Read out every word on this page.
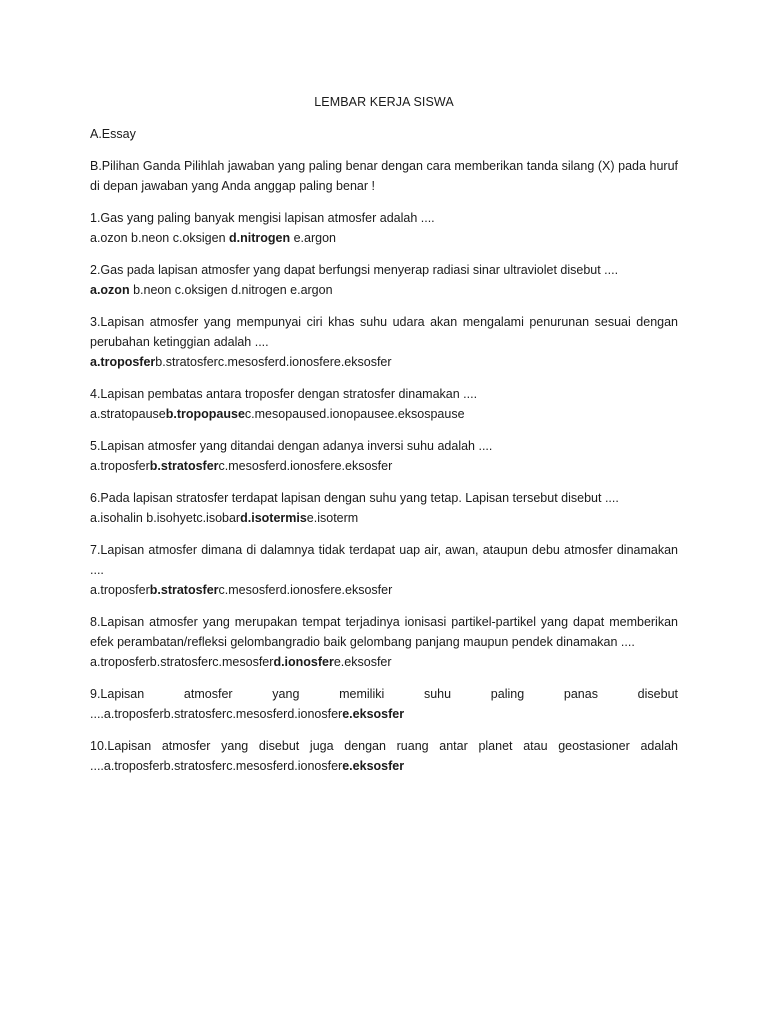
LEMBAR KERJA SISWA

A.Essay

B.Pilihan Ganda Pilihlah jawaban yang paling benar dengan cara memberikan tanda silang (X) pada huruf di depan jawaban yang Anda anggap paling benar !

1.Gas yang paling banyak mengisi lapisan atmosfer adalah ....

a.ozon b.neon c.oksigen d.nitrogen e.argon

2.Gas pada lapisan atmosfer yang dapat berfungsi menyerap radiasi sinar ultraviolet disebut ....

a.ozon b.neon c.oksigen d.nitrogen e.argon

3.Lapisan atmosfer yang mempunyai ciri khas suhu udara akan mengalami penurunan sesuai dengan perubahan ketinggian adalah ....

a.troposferb.stratosferc.mesosferd.ionosfere.eksosfer

4.Lapisan pembatas antara troposfer dengan stratosfer dinamakan ....

a.stratopauseb.tropopausec.mesopaused.ionopausee.eksospause

5.Lapisan atmosfer yang ditandai dengan adanya inversi suhu adalah ....

a.troposferb.stratosferc.mesosferd.ionosfere.eksosfer

6.Pada lapisan stratosfer terdapat lapisan dengan suhu yang tetap. Lapisan tersebut disebut ....

a.isohalin b.isohyetc.isobard.isotermise.isoterm

7.Lapisan atmosfer dimana di dalamnya tidak terdapat uap air, awan, ataupun debu atmosfer dinamakan ....

a.troposferb.stratosferc.mesosferd.ionosfere.eksosfer

8.Lapisan atmosfer yang merupakan tempat terjadinya ionisasi partikel-partikel yang dapat memberikan efek perambatan/refleksi gelombangradio baik gelombang panjang maupun pendek dinamakan ....

a.troposferb.stratosferc.mesosferd.ionosfere.eksosfer

9.Lapisan atmosfer yang memiliki suhu paling panas disebut

....a.troposferb.stratosferc.mesosferd.ionosfere.eksosfer

10.Lapisan atmosfer yang disebut juga dengan ruang antar planet atau geostasioner adalah

....a.troposferb.stratosferc.mesosferd.ionosfere.eksosfer
